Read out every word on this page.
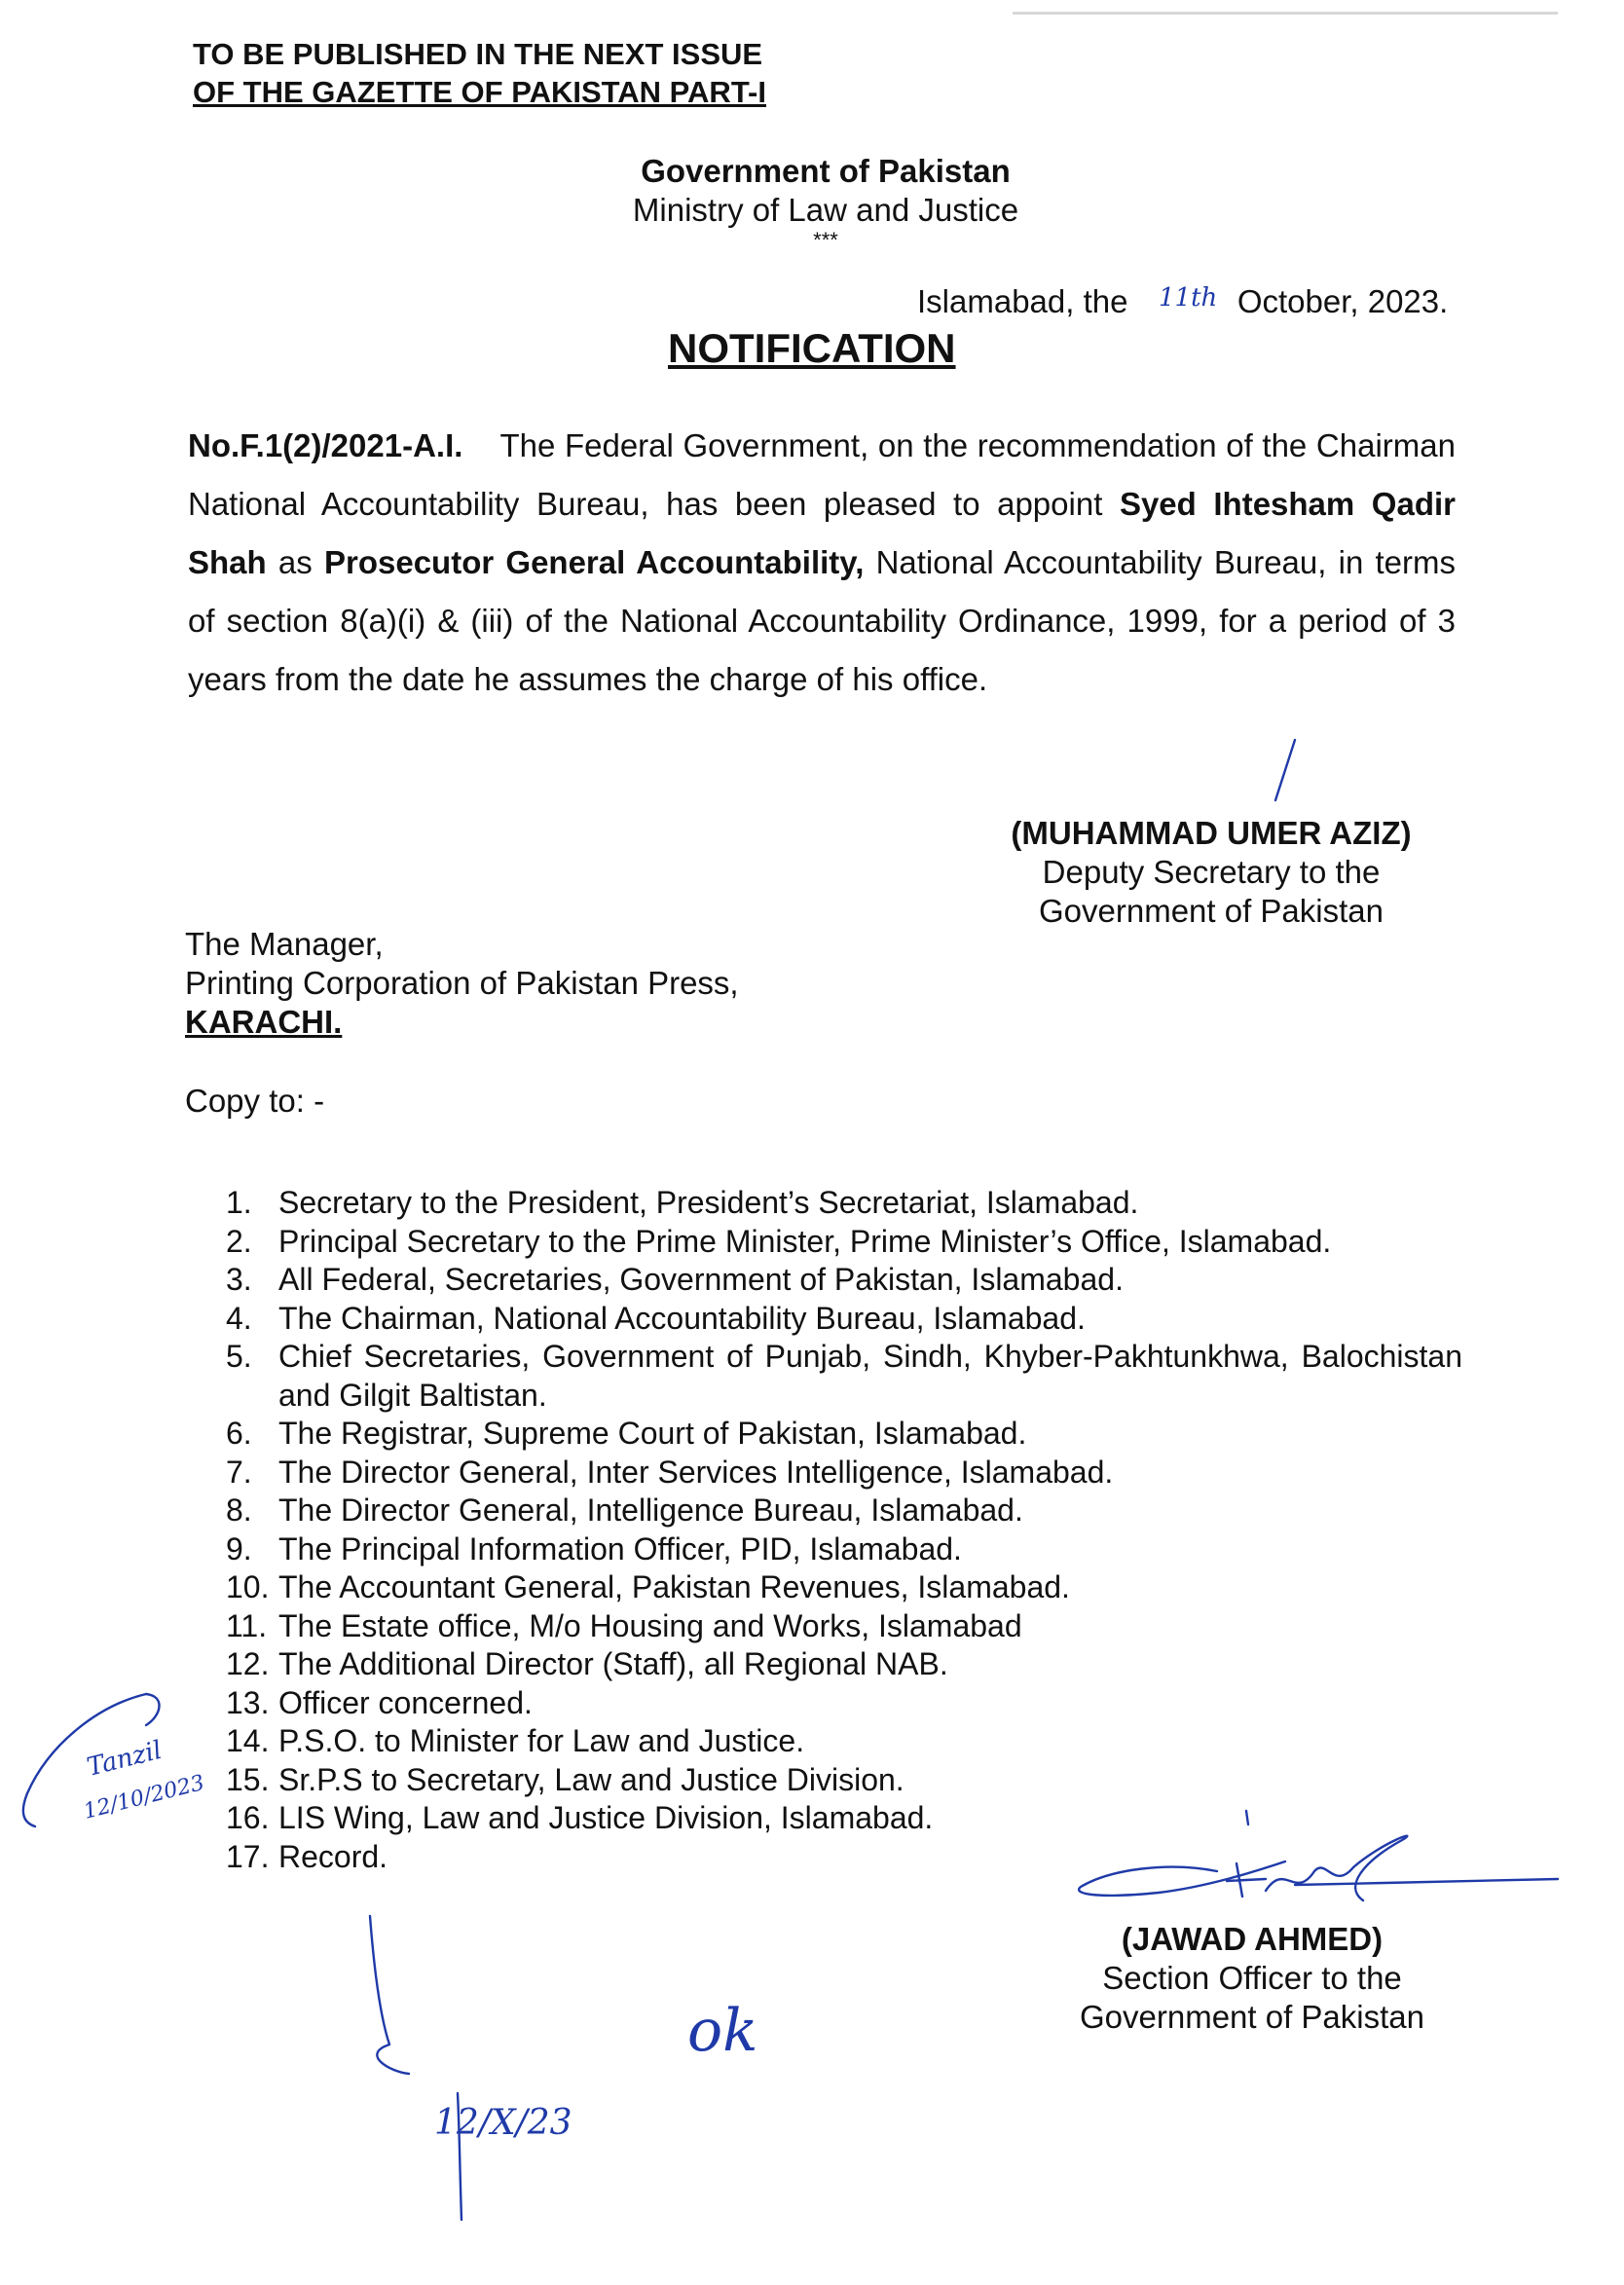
TO BE PUBLISHED IN THE NEXT ISSUE
OF THE GAZETTE OF PAKISTAN PART-I
Government of Pakistan
Ministry of Law and Justice
***
Islamabad, the	October, 2023.
11th
NOTIFICATION
No.F.1(2)/2021-A.I. The Federal Government, on the recommendation of the Chairman National Accountability Bureau, has been pleased to appoint Syed Ihtesham Qadir Shah as Prosecutor General Accountability, National Accountability Bureau, in terms of section 8(a)(i) & (iii) of the National Accountability Ordinance, 1999, for a period of 3 years from the date he assumes the charge of his office.
(MUHAMMAD UMER AZIZ)
Deputy Secretary to the
Government of Pakistan
The Manager,
Printing Corporation of Pakistan Press,
KARACHI.
Copy to: -
1. Secretary to the President, President’s Secretariat, Islamabad.
2. Principal Secretary to the Prime Minister, Prime Minister’s Office, Islamabad.
3. All Federal, Secretaries, Government of Pakistan, Islamabad.
4. The Chairman, National Accountability Bureau, Islamabad.
5. Chief Secretaries, Government of Punjab, Sindh, Khyber-Pakhtunkhwa, Balochistan and Gilgit Baltistan.
6. The Registrar, Supreme Court of Pakistan, Islamabad.
7. The Director General, Inter Services Intelligence, Islamabad.
8. The Director General, Intelligence Bureau, Islamabad.
9. The Principal Information Officer, PID, Islamabad.
10. The Accountant General, Pakistan Revenues, Islamabad.
11. The Estate office, M/o Housing and Works, Islamabad
12. The Additional Director (Staff), all Regional NAB.
13. Officer concerned.
14. P.S.O. to Minister for Law and Justice.
15. Sr.P.S to Secretary, Law and Justice Division.
16. LIS Wing, Law and Justice Division, Islamabad.
17. Record.
(JAWAD AHMED)
Section Officer to the
Government of Pakistan
Tanzil
12/10/2023
12/X/23
ok
